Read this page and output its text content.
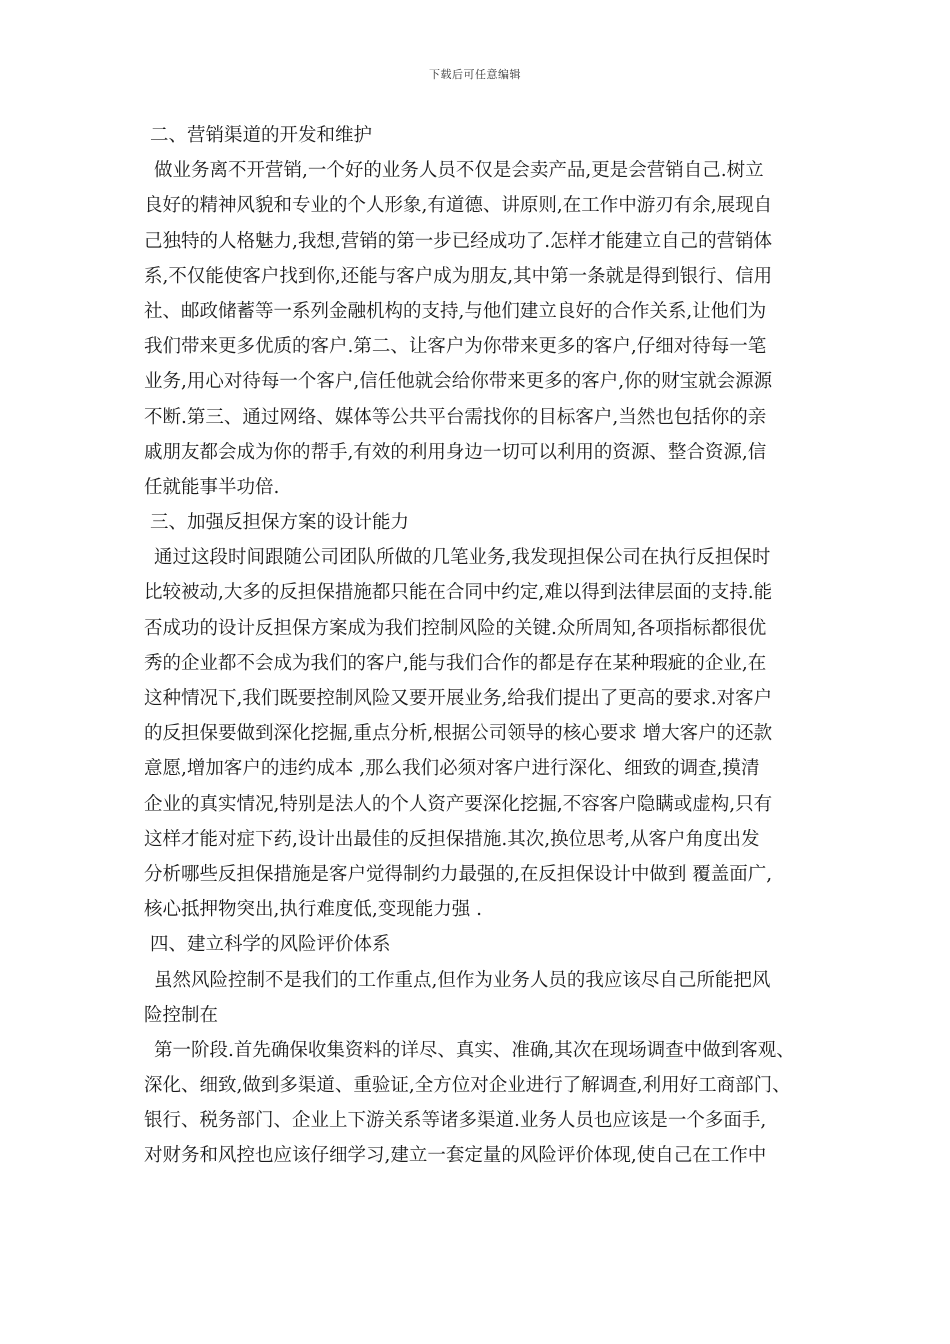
下载后可任意编辑
二、营销渠道的开发和维护
做业务离不开营销,一个好的业务人员不仅是会卖产品,更是会营销自己.树立
良好的精神风貌和专业的个人形象,有道德、讲原则,在工作中游刃有余,展现自
己独特的人格魅力,我想,营销的第一步已经成功了.怎样才能建立自己的营销体
系,不仅能使客户找到你,还能与客户成为朋友,其中第一条就是得到银行、信用
社、邮政储蓄等一系列金融机构的支持,与他们建立良好的合作关系,让他们为
我们带来更多优质的客户.第二、让客户为你带来更多的客户,仔细对待每一笔
业务,用心对待每一个客户,信任他就会给你带来更多的客户,你的财宝就会源源
不断.第三、通过网络、媒体等公共平台需找你的目标客户,当然也包括你的亲
戚朋友都会成为你的帮手,有效的利用身边一切可以利用的资源、整合资源,信
任就能事半功倍.
三、加强反担保方案的设计能力
通过这段时间跟随公司团队所做的几笔业务,我发现担保公司在执行反担保时
比较被动,大多的反担保措施都只能在合同中约定,难以得到法律层面的支持.能
否成功的设计反担保方案成为我们控制风险的关键.众所周知,各项指标都很优
秀的企业都不会成为我们的客户,能与我们合作的都是存在某种瑕疵的企业,在
这种情况下,我们既要控制风险又要开展业务,给我们提出了更高的要求.对客户
的反担保要做到深化挖掘,重点分析,根据公司领导的核心要求 增大客户的还款
意愿,增加客户的违约成本 ,那么我们必须对客户进行深化、细致的调查,摸清
企业的真实情况,特别是法人的个人资产要深化挖掘,不容客户隐瞒或虚构,只有
这样才能对症下药,设计出最佳的反担保措施.其次,换位思考,从客户角度出发
分析哪些反担保措施是客户觉得制约力最强的,在反担保设计中做到 覆盖面广,
核心抵押物突出,执行难度低,变现能力强 .
四、建立科学的风险评价体系
虽然风险控制不是我们的工作重点,但作为业务人员的我应该尽自己所能把风
险控制在
第一阶段.首先确保收集资料的详尽、真实、准确,其次在现场调查中做到客观、
深化、细致,做到多渠道、重验证,全方位对企业进行了解调查,利用好工商部门、
银行、税务部门、企业上下游关系等诸多渠道.业务人员也应该是一个多面手,
对财务和风控也应该仔细学习,建立一套定量的风险评价体现,使自己在工作中
